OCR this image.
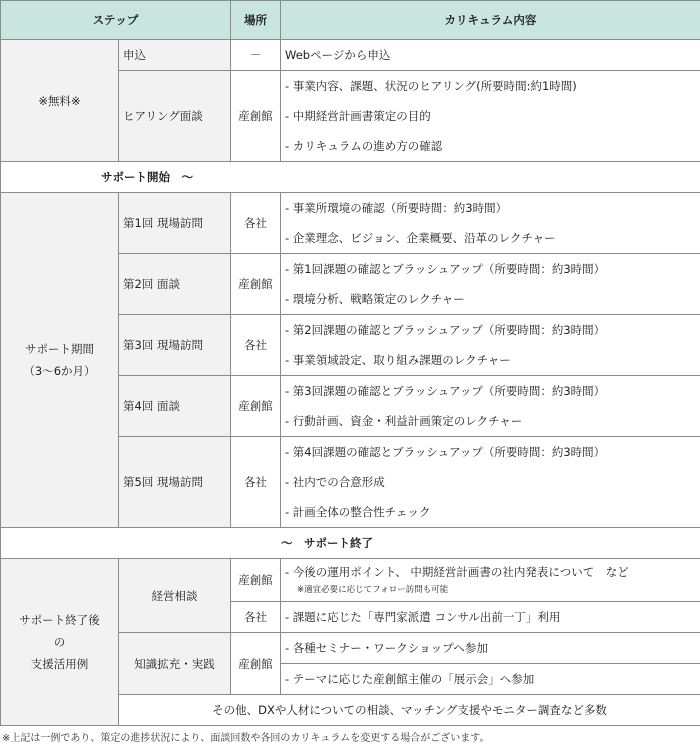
ステップ		場所	カリキュラム内容
※無料※	申込	－	Webページから申込

	ヒアリング面談	産創館	- 事業内容、課題、状況のヒアリング(所要時間:約1時間)
- 中期経営計画書策定の目的
- カリキュラムの進め方の確認

サポート開始　～			
サポート期間
（3～6か月）	第1回 現場訪問	各社	- 事業所環境の確認（所要時間：約3時間）
- 企業理念、ビジョン、企業概要、沿革のレクチャー

	第2回 面談	産創館	- 第1回課題の確認とブラッシュアップ（所要時間：約3時間）
- 環境分析、戦略策定のレクチャー

	第3回 現場訪問	各社	- 第2回課題の確認とブラッシュアップ（所要時間：約3時間）
- 事業領域設定、取り組み課題のレクチャー

	第4回 面談	産創館	- 第3回課題の確認とブラッシュアップ（所要時間：約3時間）
- 行動計画、資金・利益計画策定のレクチャー

	第5回 現場訪問	各社	- 第4回課題の確認とブラッシュアップ（所要時間：約3時間）
- 社内での合意形成
- 計画全体の整合性チェック

～　サポート終了			
サポート終了後
の
支援活用例	経営相談	産創館	- 今後の運用ポイント、 中期経営計画書の社内発表について　など
※適宜必要に応じてフォロー訪問も可能

		各社	- 課題に応じた「専門家派遣 コンサル出前一丁」利用

	知識拡充・実践	産創館	- 各種セミナー・ワークショップへ参加

			- テーマに応じた産創館主催の「展示会」へ参加

	その他、DXや人材についての相談、マッチング支援やモニター調査など多数		
※上記は一例であり、策定の進捗状況により、面談回数や各回のカリキュラムを変更する場合がございます。
